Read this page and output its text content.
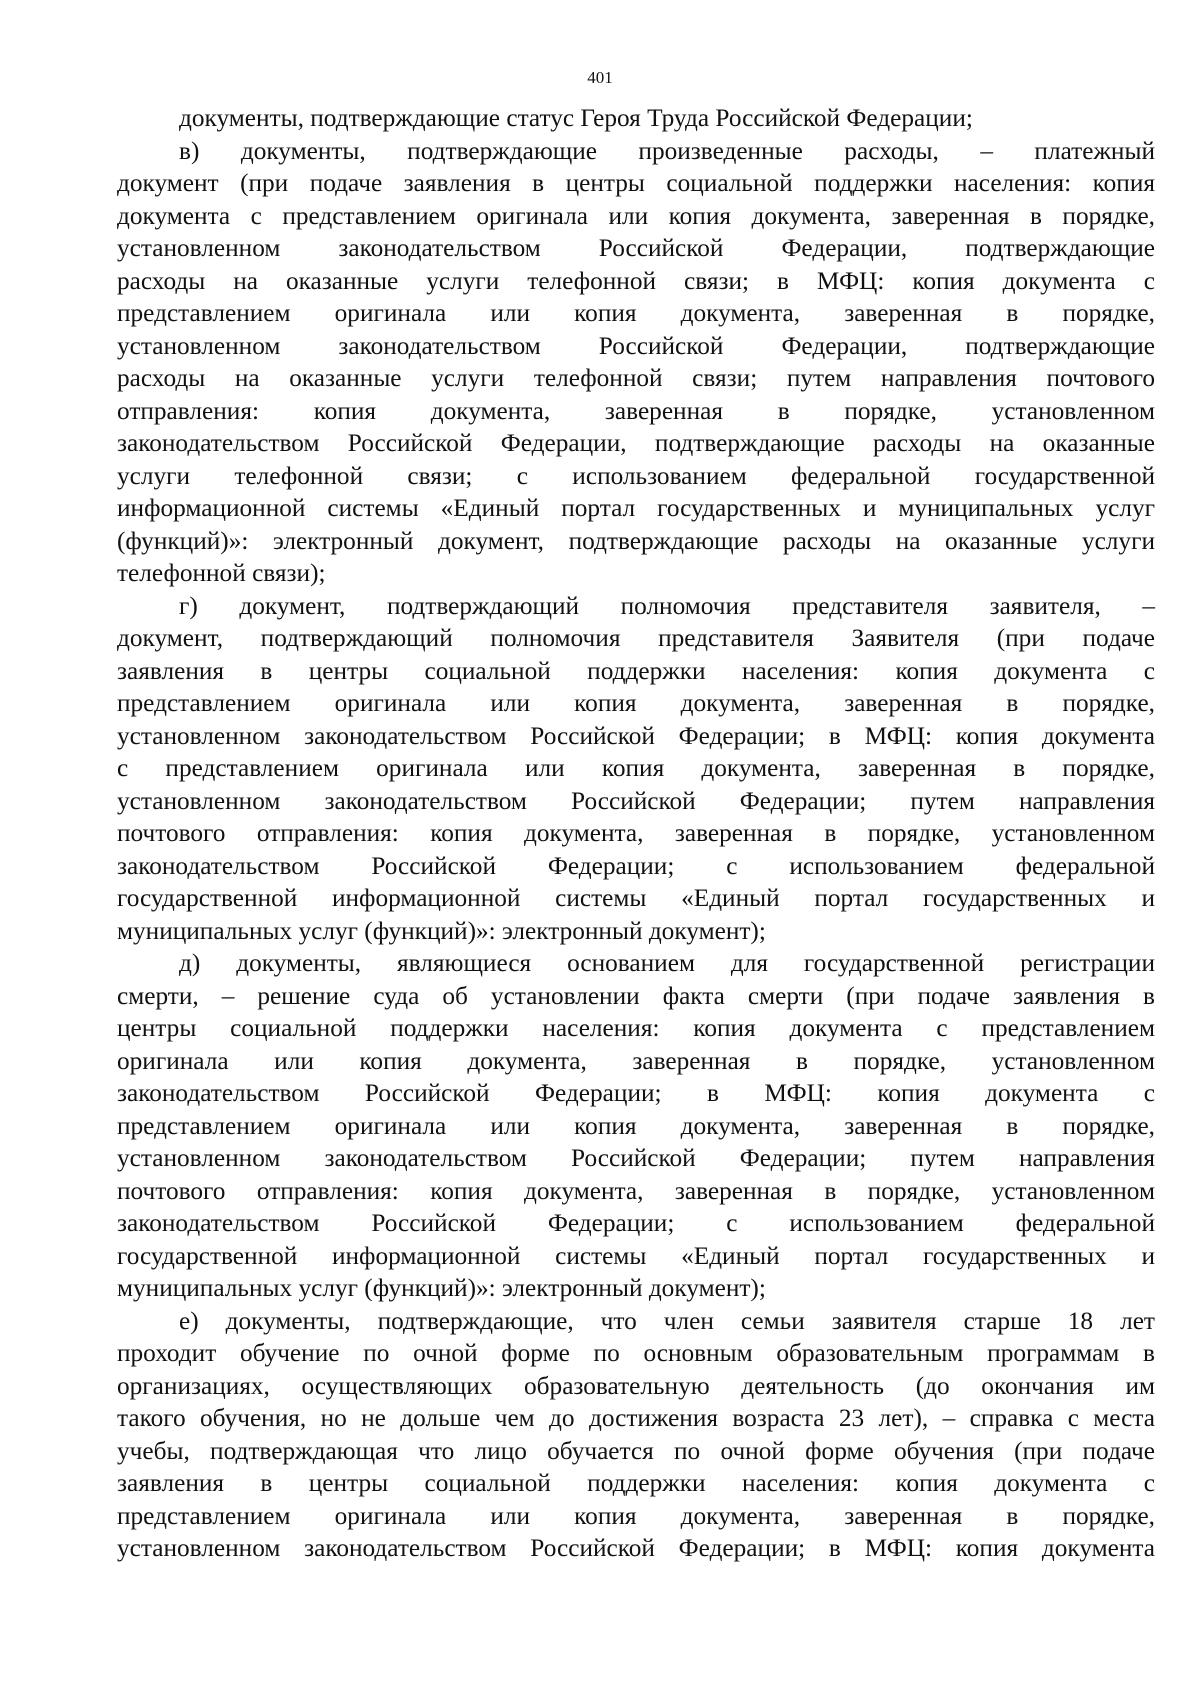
401
документы, подтверждающие статус Героя Труда Российской Федерации;
в) документы, подтверждающие произведенные расходы, – платежный
документ (при подаче заявления в центры социальной поддержки населения: копия
документа с представлением оригинала или копия документа, заверенная в порядке,
установленном законодательством Российской Федерации, подтверждающие
расходы на оказанные услуги телефонной связи; в МФЦ: копия документа с
представлением оригинала или копия документа, заверенная в порядке,
установленном законодательством Российской Федерации, подтверждающие
расходы на оказанные услуги телефонной связи; путем направления почтового
отправления: копия документа, заверенная в порядке, установленном
законодательством Российской Федерации, подтверждающие расходы на оказанные
услуги телефонной связи; с использованием федеральной государственной
информационной системы «Единый портал государственных и муниципальных услуг
(функций)»: электронный документ, подтверждающие расходы на оказанные услуги
телефонной связи);
г) документ, подтверждающий полномочия представителя заявителя, –
документ, подтверждающий полномочия представителя Заявителя (при подаче
заявления в центры социальной поддержки населения: копия документа с
представлением оригинала или копия документа, заверенная в порядке,
установленном законодательством Российской Федерации; в МФЦ: копия документа
с представлением оригинала или копия документа, заверенная в порядке,
установленном законодательством Российской Федерации; путем направления
почтового отправления: копия документа, заверенная в порядке, установленном
законодательством Российской Федерации; с использованием федеральной
государственной информационной системы «Единый портал государственных и
муниципальных услуг (функций)»: электронный документ);
д) документы, являющиеся основанием для государственной регистрации
смерти, – решение суда об установлении факта смерти (при подаче заявления в
центры социальной поддержки населения: копия документа с представлением
оригинала или копия документа, заверенная в порядке, установленном
законодательством Российской Федерации; в МФЦ: копия документа с
представлением оригинала или копия документа, заверенная в порядке,
установленном законодательством Российской Федерации; путем направления
почтового отправления: копия документа, заверенная в порядке, установленном
законодательством Российской Федерации; с использованием федеральной
государственной информационной системы «Единый портал государственных и
муниципальных услуг (функций)»: электронный документ);
е) документы, подтверждающие, что член семьи заявителя старше 18 лет
проходит обучение по очной форме по основным образовательным программам в
организациях, осуществляющих образовательную деятельность (до окончания им
такого обучения, но не дольше чем до достижения возраста 23 лет), – справка с места
учебы, подтверждающая что лицо обучается по очной форме обучения (при подаче
заявления в центры социальной поддержки населения: копия документа с
представлением оригинала или копия документа, заверенная в порядке,
установленном законодательством Российской Федерации; в МФЦ: копия документа
